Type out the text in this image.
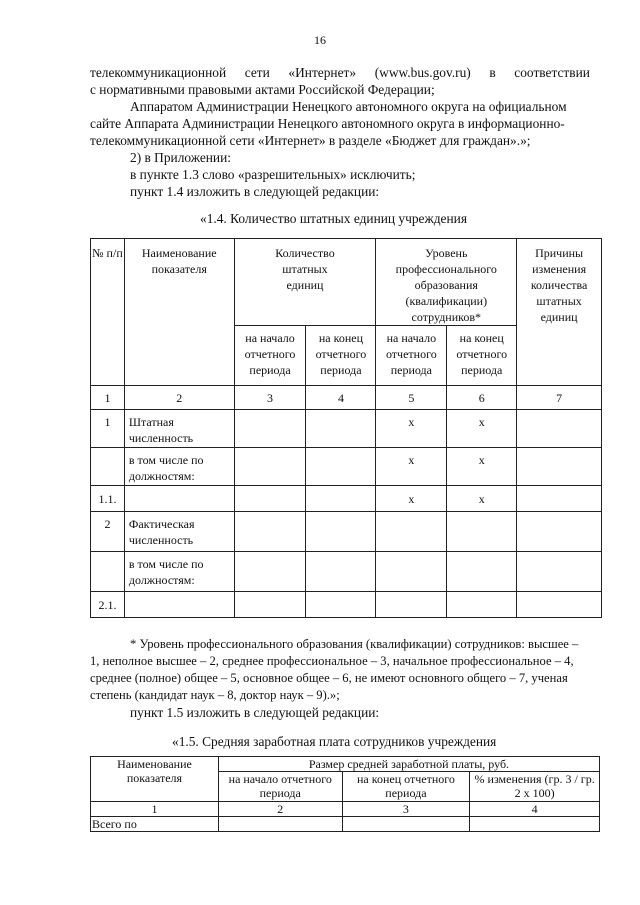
16
телекоммуникационной сети «Интернет» (www.bus.gov.ru) в соответствии
с нормативными правовыми актами Российской Федерации;
Аппаратом Администрации Ненецкого автономного округа на официальном
сайте Аппарата Администрации Ненецкого автономного округа в информационно-
телекоммуникационной сети «Интернет» в разделе «Бюджет для граждан».»;
2) в Приложении:
в пункте 1.3 слово «разрешительных» исключить;
пункт 1.4 изложить в следующей редакции:
«1.4. Количество штатных единиц учреждения
№ п/п	Наименование показателя	Количество штатных единиц		Уровень профессионального образования (квалификации) сотрудников*		Причины изменения количества штатных единиц
		на начало отчетного периода	на конец отчетного периода	на начало отчетного периода	на конец отчетного периода	
1	2	3	4	5	6	7
1	Штатная численность			х	х	
	в том числе по должностям:			х	х	
1.1.				х	х	
2	Фактическая численность					
	в том числе по должностям:					
2.1.						
* Уровень профессионального образования (квалификации) сотрудников: высшее –
1, неполное высшее – 2, среднее профессиональное – 3, начальное профессиональное – 4,
среднее (полное) общее – 5, основное общее – 6, не имеют основного общего – 7, ученая
степень (кандидат наук – 8, доктор наук – 9).»;
пункт 1.5 изложить в следующей редакции:
«1.5. Средняя заработная плата сотрудников учреждения
Наименование показателя	Размер средней заработной платы, руб.		
	на начало отчетного периода	на конец отчетного периода	% изменения (гр. 3 / гр. 2 х 100)
1	2	3	4
Всего по			
